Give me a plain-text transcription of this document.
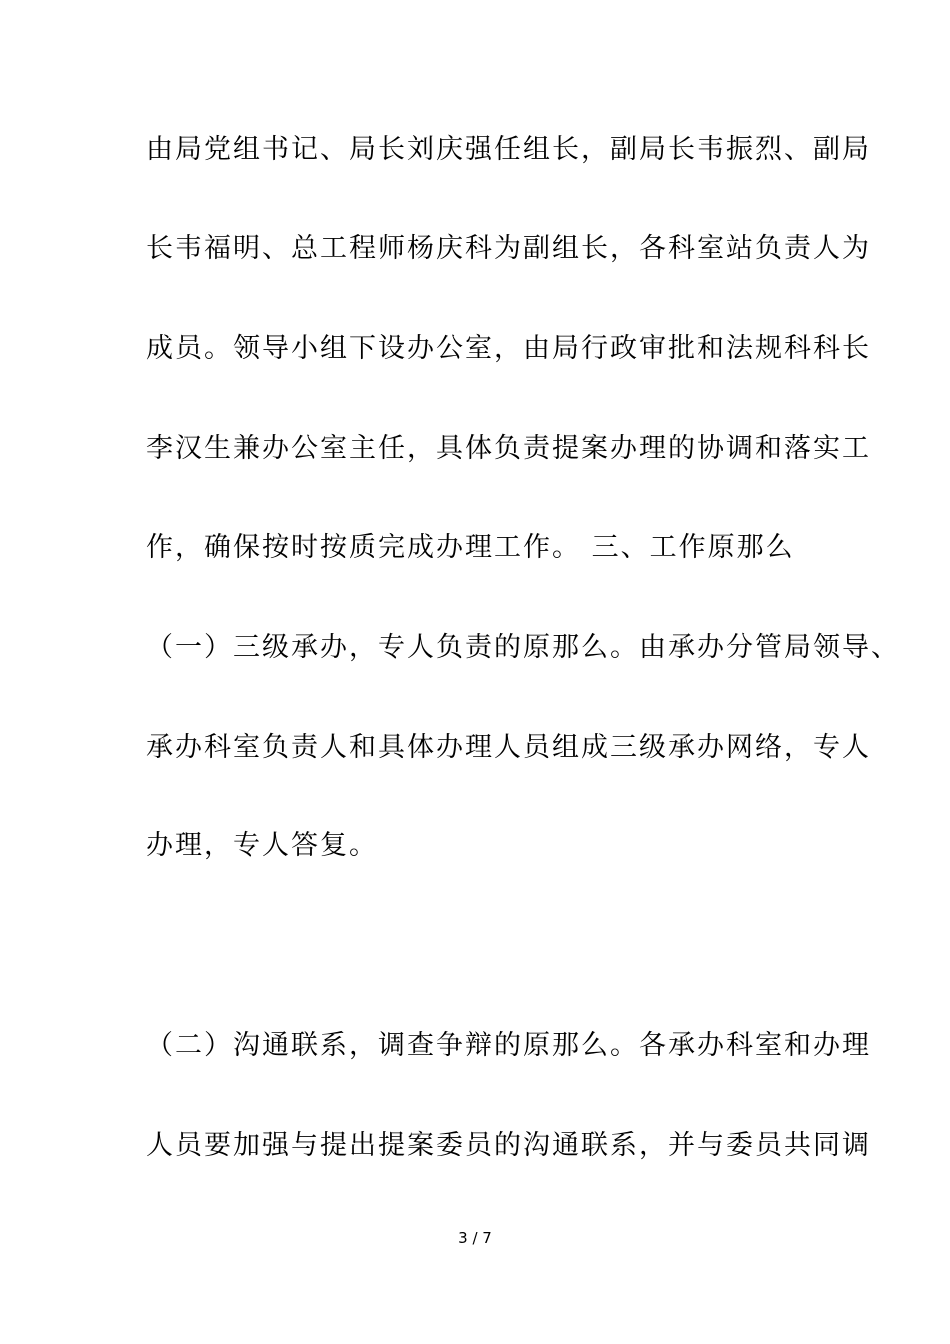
由局党组书记、局长刘庆强任组长，副局长韦振烈、副局
长韦福明、总工程师杨庆科为副组长，各科室站负责人为
成员。领导小组下设办公室，由局行政审批和法规科科长
李汉生兼办公室主任，具体负责提案办理的协调和落实工
作，确保按时按质完成办理工作。 三、工作原那么
（一）三级承办，专人负责的原那么。由承办分管局领导、
承办科室负责人和具体办理人员组成三级承办网络，专人
办理，专人答复。
（二）沟通联系，调查争辩的原那么。各承办科室和办理
人员要加强与提出提案委员的沟通联系，并与委员共同调
3 / 7
